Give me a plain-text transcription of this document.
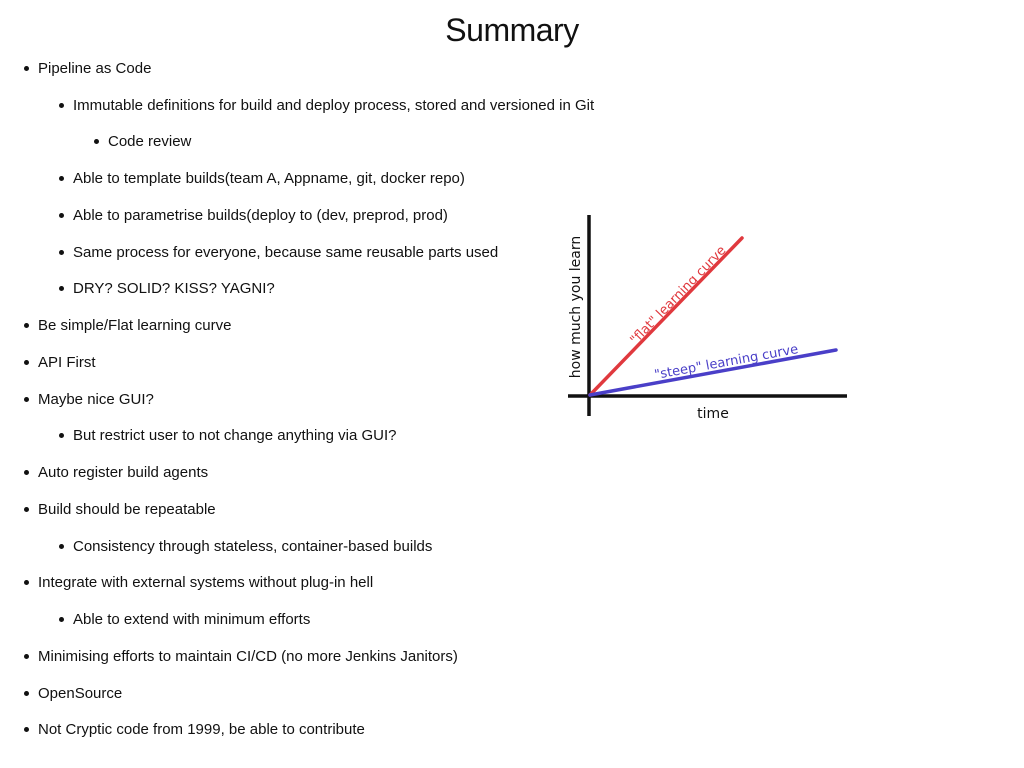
Summary
Pipeline as Code
Immutable definitions for build and deploy process, stored and versioned in Git
Code review
Able to template builds(team A, Appname, git, docker repo)
Able to parametrise builds(deploy to (dev, preprod, prod)
Same process for everyone, because same reusable parts used
DRY? SOLID? KISS? YAGNI?
Be simple/Flat learning curve
API First
Maybe nice GUI?
But restrict user to not change anything via GUI?
Auto register build agents
Build should be repeatable
Consistency through stateless, container-based builds
Integrate with external systems without plug-in hell
Able to extend with minimum efforts
Minimising efforts to maintain CI/CD (no more Jenkins Janitors)
OpenSource
Not Cryptic code from 1999, be able to contribute
"flat" learning curve
"steep" learning curve
how much you learn
time
